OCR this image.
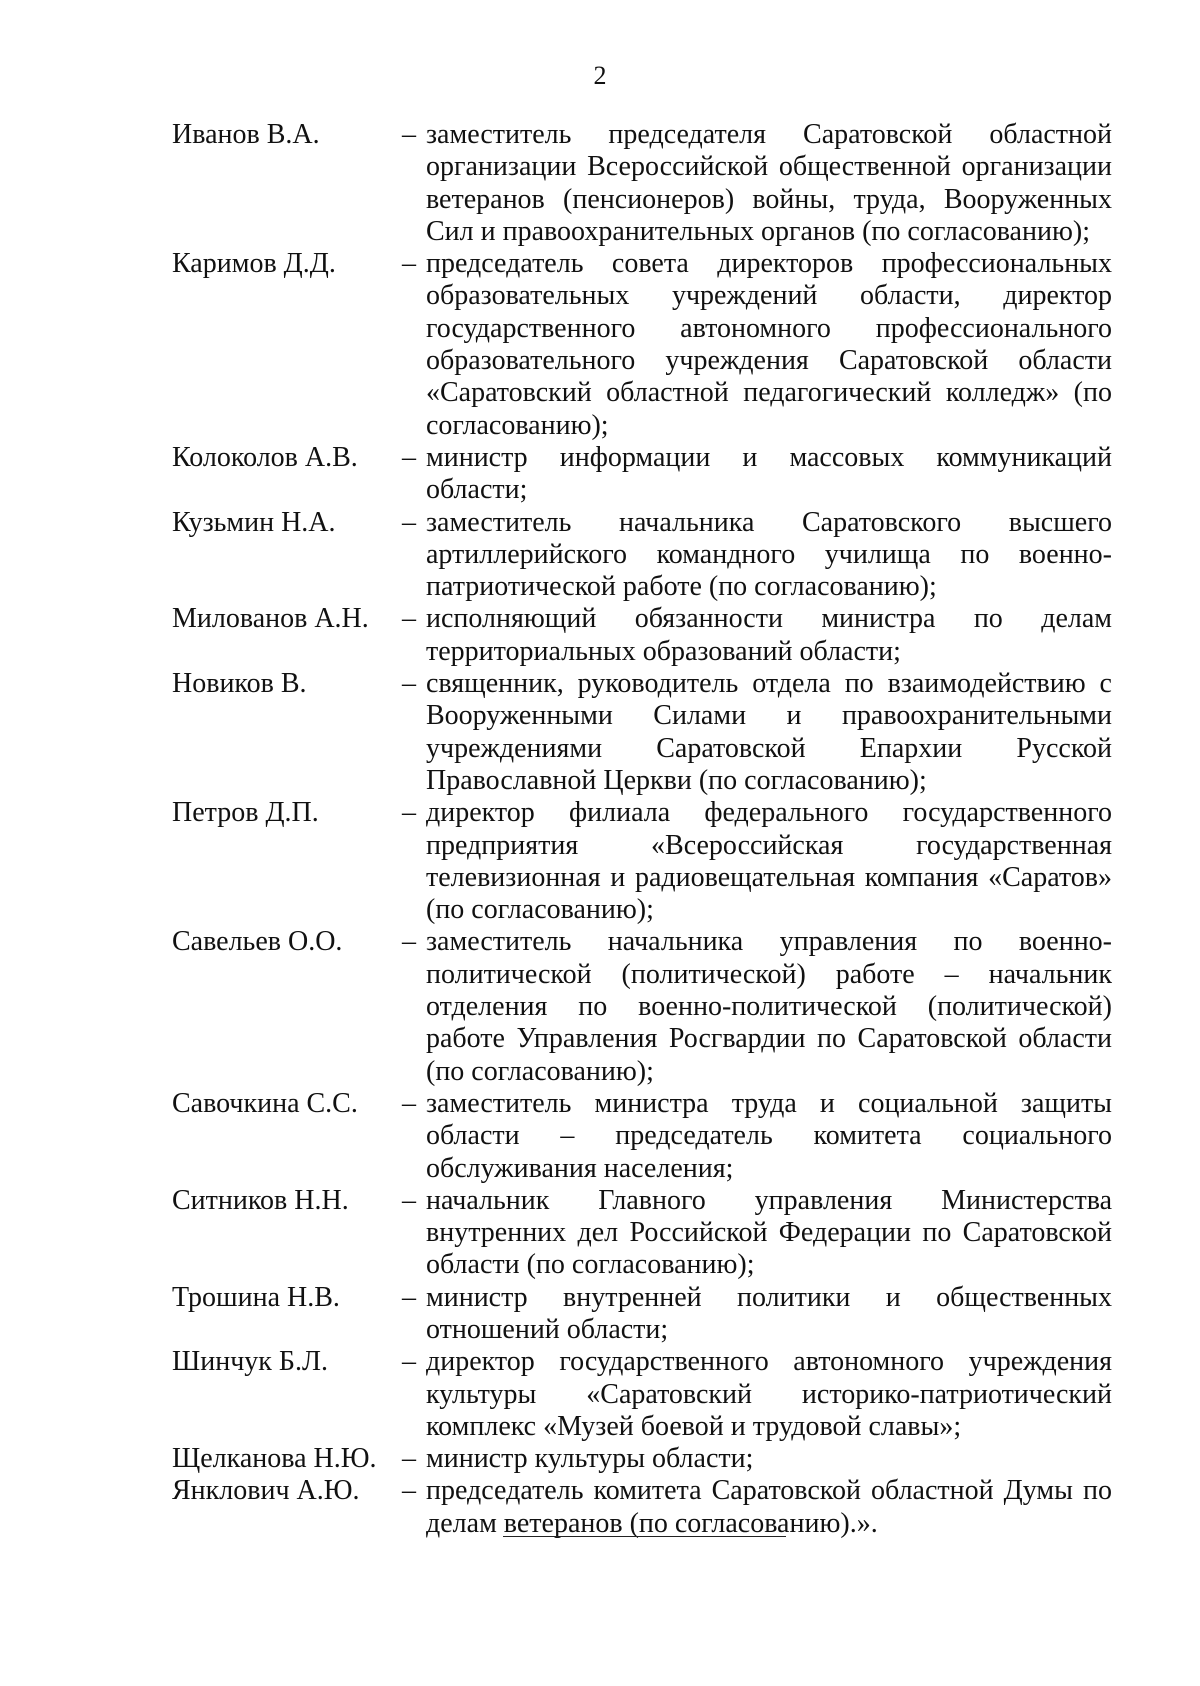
2
Иванов В.А.	– заместитель председателя Саратовской областной организации Всероссийской общественной организации ветеранов (пенсионеров) войны, труда, Вооруженных Сил и правоохранительных органов (по согласованию);
Каримов Д.Д.	– председатель совета директоров профессиональных образовательных учреждений области, директор государственного автономного профессионального образовательного учреждения Саратовской области «Саратовский областной педагогический колледж» (по согласованию);
Колоколов А.В.	– министр информации и массовых коммуникаций области;
Кузьмин Н.А.	– заместитель начальника Саратовского высшего артиллерийского командного училища по военно-патриотической работе (по согласованию);
Милованов А.Н.	– исполняющий обязанности министра по делам территориальных образований области;
Новиков В.	– священник, руководитель отдела по взаимодействию с Вооруженными Силами и правоохранительными учреждениями Саратовской Епархии Русской Православной Церкви (по согласованию);
Петров Д.П.	– директор филиала федерального государственного предприятия «Всероссийская государственная телевизионная и радиовещательная компания «Саратов» (по согласованию);
Савельев О.О.	– заместитель начальника управления по военно-политической (политической) работе – начальник отделения по военно-политической (политической) работе Управления Росгвардии по Саратовской области (по согласованию);
Савочкина С.С.	– заместитель министра труда и социальной защиты области – председатель комитета социального обслуживания населения;
Ситников Н.Н.	– начальник Главного управления Министерства внутренних дел Российской Федерации по Саратовской области (по согласованию);
Трошина Н.В.	– министр внутренней политики и общественных отношений области;
Шинчук Б.Л.	– директор государственного автономного учреждения культуры «Саратовский историко-патриотический комплекс «Музей боевой и трудовой славы»;
Щелканова Н.Ю. – министр культуры области;
Янклович А.Ю.	– председатель комитета Саратовской областной Думы по делам ветеранов (по согласованию).».
